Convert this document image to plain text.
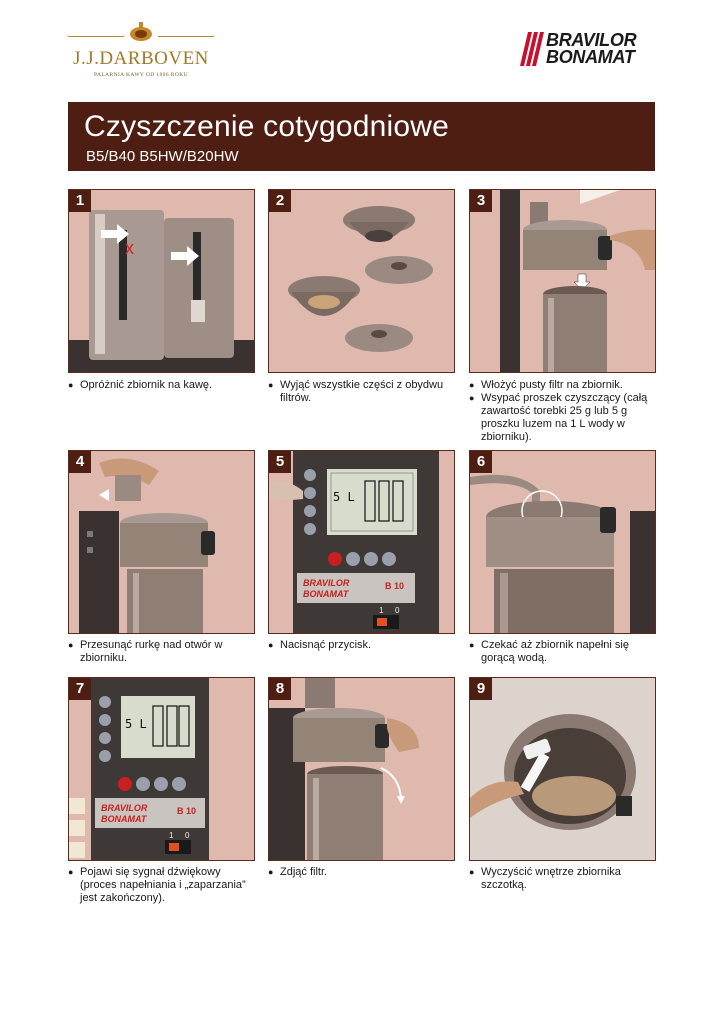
J.J.DARBOVEN
PALARNIA KAWY OD 1866 ROKU
BRAVILOR
BONAMAT
Czyszczenie cotygodniowe
B5/B40 B5HW/B20HW
1
x
● Opróżnić zbiornik na kawę.
2
● Wyjąć wszystkie części z obydwu filtrów.
3
● Włożyć pusty filtr na zbiornik.
● Wsypać proszek czyszczący (całą zawartość torebki 25 g lub 5 g proszku luzem na 1 L wody w zbiorniku).
4
● Przesunąć rurkę nad otwór w zbiorniku.
5
5 L
BRAVILOR
BONAMAT
B 10
1 0
● Nacisnąć przycisk.
6
● Czekać aż zbiornik napełni się gorącą wodą.
7
5 L
BRAVILOR
BONAMAT
B 10
1 0
● Pojawi się sygnał dźwiękowy (proces napełniania i „zaparzania” jest zakończony).
8
● Zdjąć filtr.
9
● Wyczyścić wnętrze zbiornika szczotką.
